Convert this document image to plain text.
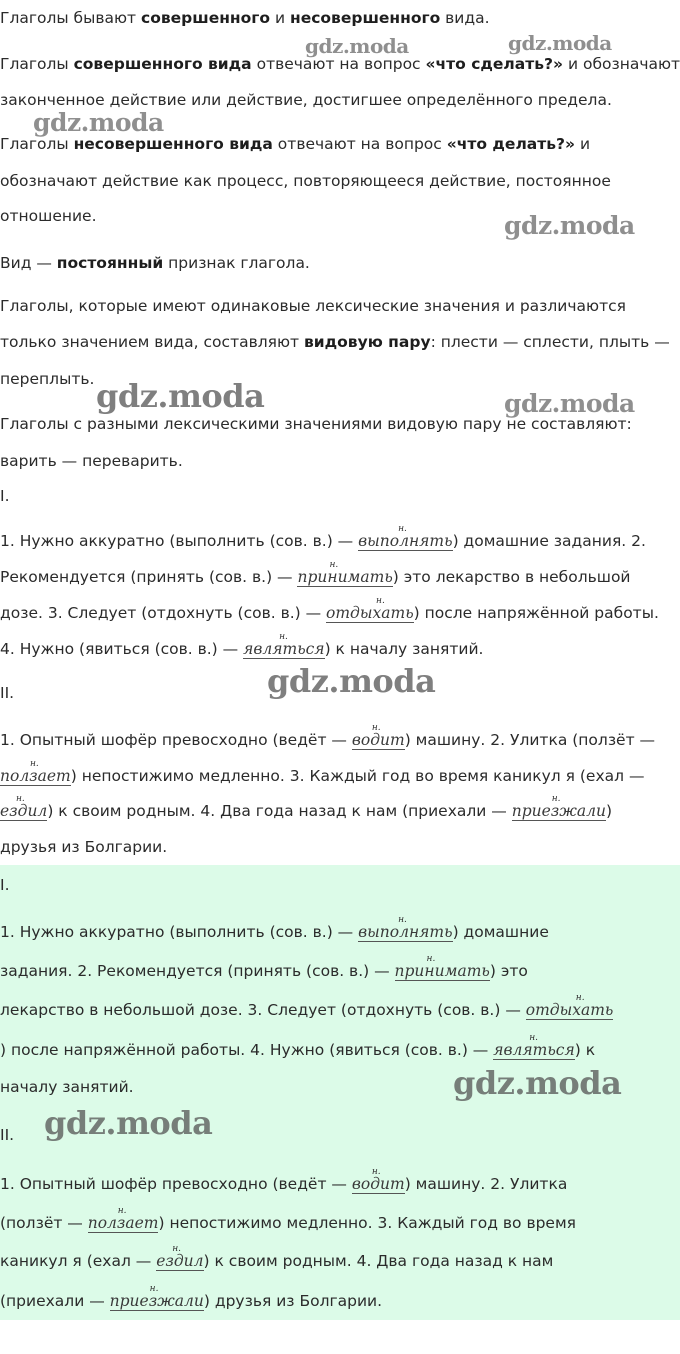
Глаголы бывают совершенного и несовершенного вида.
Глаголы совершенного вида отвечают на вопрос «что сделать?» и обозначают
законченное действие или действие, достигшее определённого предела.
Глаголы несовершенного вида отвечают на вопрос «что делать?» и
обозначают действие как процесс, повторяющееся действие, постоянное
отношение.
Вид — постоянный признак глагола.
Глаголы, которые имеют одинаковые лексические значения и различаются
только значением вида, составляют видовую пару: плести — сплести, плыть —
переплыть.
Глаголы с разными лексическими значениями видовую пару не составляют:
варить — переварить.
I.
1. Нужно аккуратно (выполнить (сов. в.) —
н.
выполнять) домашние задания. 2.
Рекомендуется (принять (сов. в.) —
н.
принимать) это лекарство в небольшой
дозе. 3. Следует (отдохнуть (сов. в.) —
н.
отдыхать) после напряжённой работы.
4. Нужно (явиться (сов. в.) —
н.
являться) к началу занятий.
II.
1. Опытный шофёр превосходно (ведёт —
н.
водит) машину. 2. Улитка (ползёт —
н.
ползает) непостижимо медленно. 3. Каждый год во время каникул я (ехал —
н.
ездил) к своим родным. 4. Два года назад к нам (приехали —
н.
приезжали)
друзья из Болгарии.
I.
1. Нужно аккуратно (выполнить (сов. в.) —
н.
выполнять) домашние
задания. 2. Рекомендуется (принять (сов. в.) —
н.
принимать) это
лекарство в небольшой дозе. 3. Следует (отдохнуть (сов. в.) —
н.
отдыхать
) после напряжённой работы. 4. Нужно (явиться (сов. в.) —
н.
являться) к
началу занятий.
II.
1. Опытный шофёр превосходно (ведёт —
н.
водит) машину. 2. Улитка
(ползёт —
н.
ползает) непостижимо медленно. 3. Каждый год во время
каникул я (ехал —
н.
ездил) к своим родным. 4. Два года назад к нам
(приехали —
н.
приезжали) друзья из Болгарии.
gdz.moda	gdz.moda
gdz.moda
gdz.moda
gdz.moda	gdz.moda
gdz.moda
gdz.moda
gdz.moda
